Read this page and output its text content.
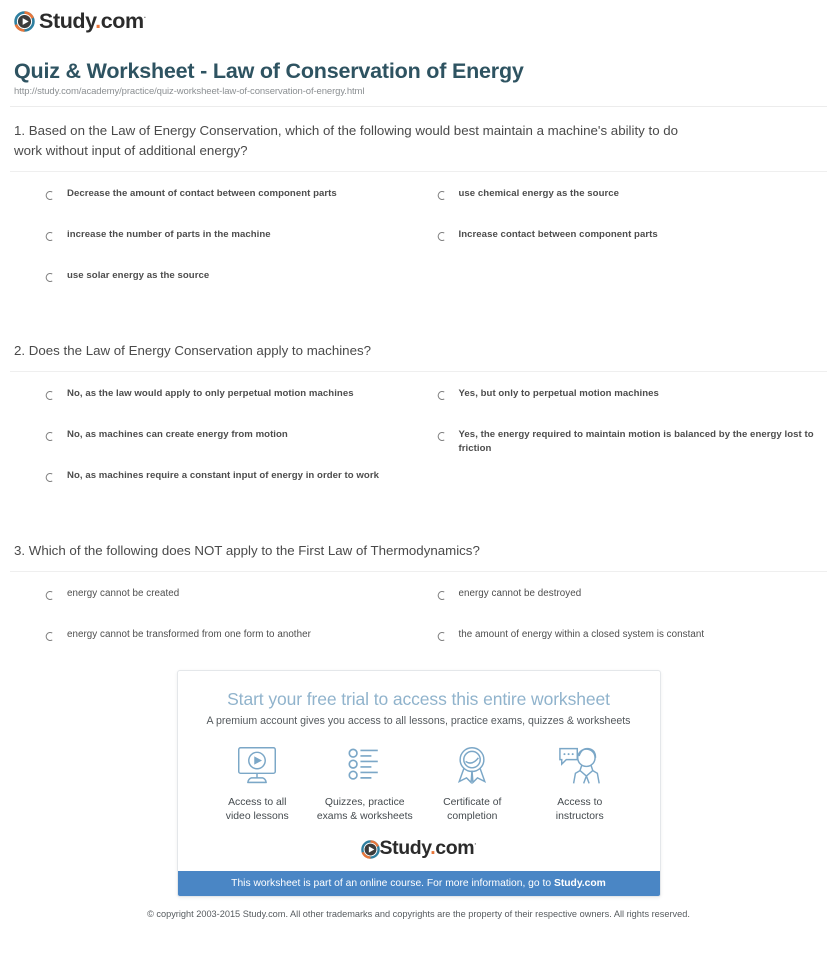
Study.com·
Quiz & Worksheet - Law of Conservation of Energy
http://study.com/academy/practice/quiz-worksheet-law-of-conservation-of-energy.html
1. Based on the Law of Energy Conservation, which of the following would best maintain a machine's ability to do work without input of additional energy?
Decrease the amount of contact between component parts	use chemical energy as the source
increase the number of parts in the machine	Increase contact between component parts
use solar energy as the source
2. Does the Law of Energy Conservation apply to machines?
No, as the law would apply to only perpetual motion machines	Yes, but only to perpetual motion machines
No, as machines can create energy from motion	Yes, the energy required to maintain motion is balanced by the energy lost to friction
No, as machines require a constant input of energy in order to work
3. Which of the following does NOT apply to the First Law of Thermodynamics?
energy cannot be created	energy cannot be destroyed
energy cannot be transformed from one form to another	the amount of energy within a closed system is constant
Start your free trial to access this entire worksheet
A premium account gives you access to all lessons, practice exams, quizzes & worksheets
Access to all
video lessons
Quizzes, practice
exams & worksheets
Certificate of
completion
Access to
instructors
Study.com·
This worksheet is part of an online course. For more information, go to Study.com
© copyright 2003-2015 Study.com. All other trademarks and copyrights are the property of their respective owners. All rights reserved.
